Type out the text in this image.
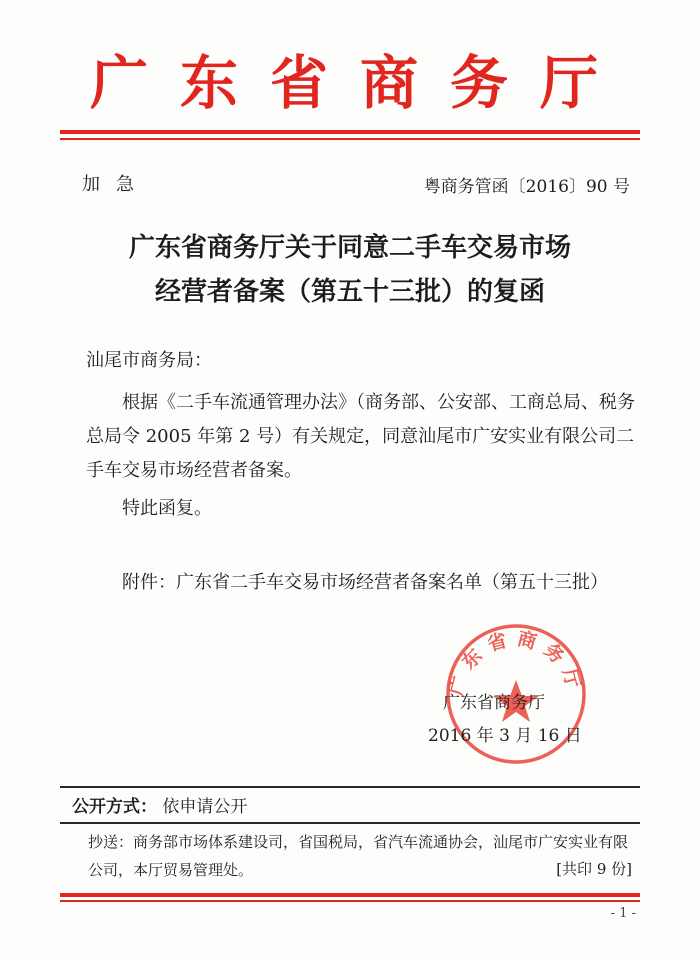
广东省商务厅
加急	粤商务管函〔2016〕90 号
广东省商务厅关于同意二手车交易市场
经营者备案（第五十三批）的复函
汕尾市商务局：
根据《二手车流通管理办法》（商务部、公安部、工商总局、税务总局令 2005 年第 2 号）有关规定，同意汕尾市广安实业有限公司二手车交易市场经营者备案。
特此函复。
附件：广东省二手车交易市场经营者备案名单（第五十三批）
广东省商务厅
广东省商务厅
2016 年 3 月 16 日
公开方式： 依申请公开
抄送：商务部市场体系建设司，省国税局，省汽车流通协会，汕尾市广安实业有限公司，本厅贸易管理处。	[共印 9 份]
- 1 -
